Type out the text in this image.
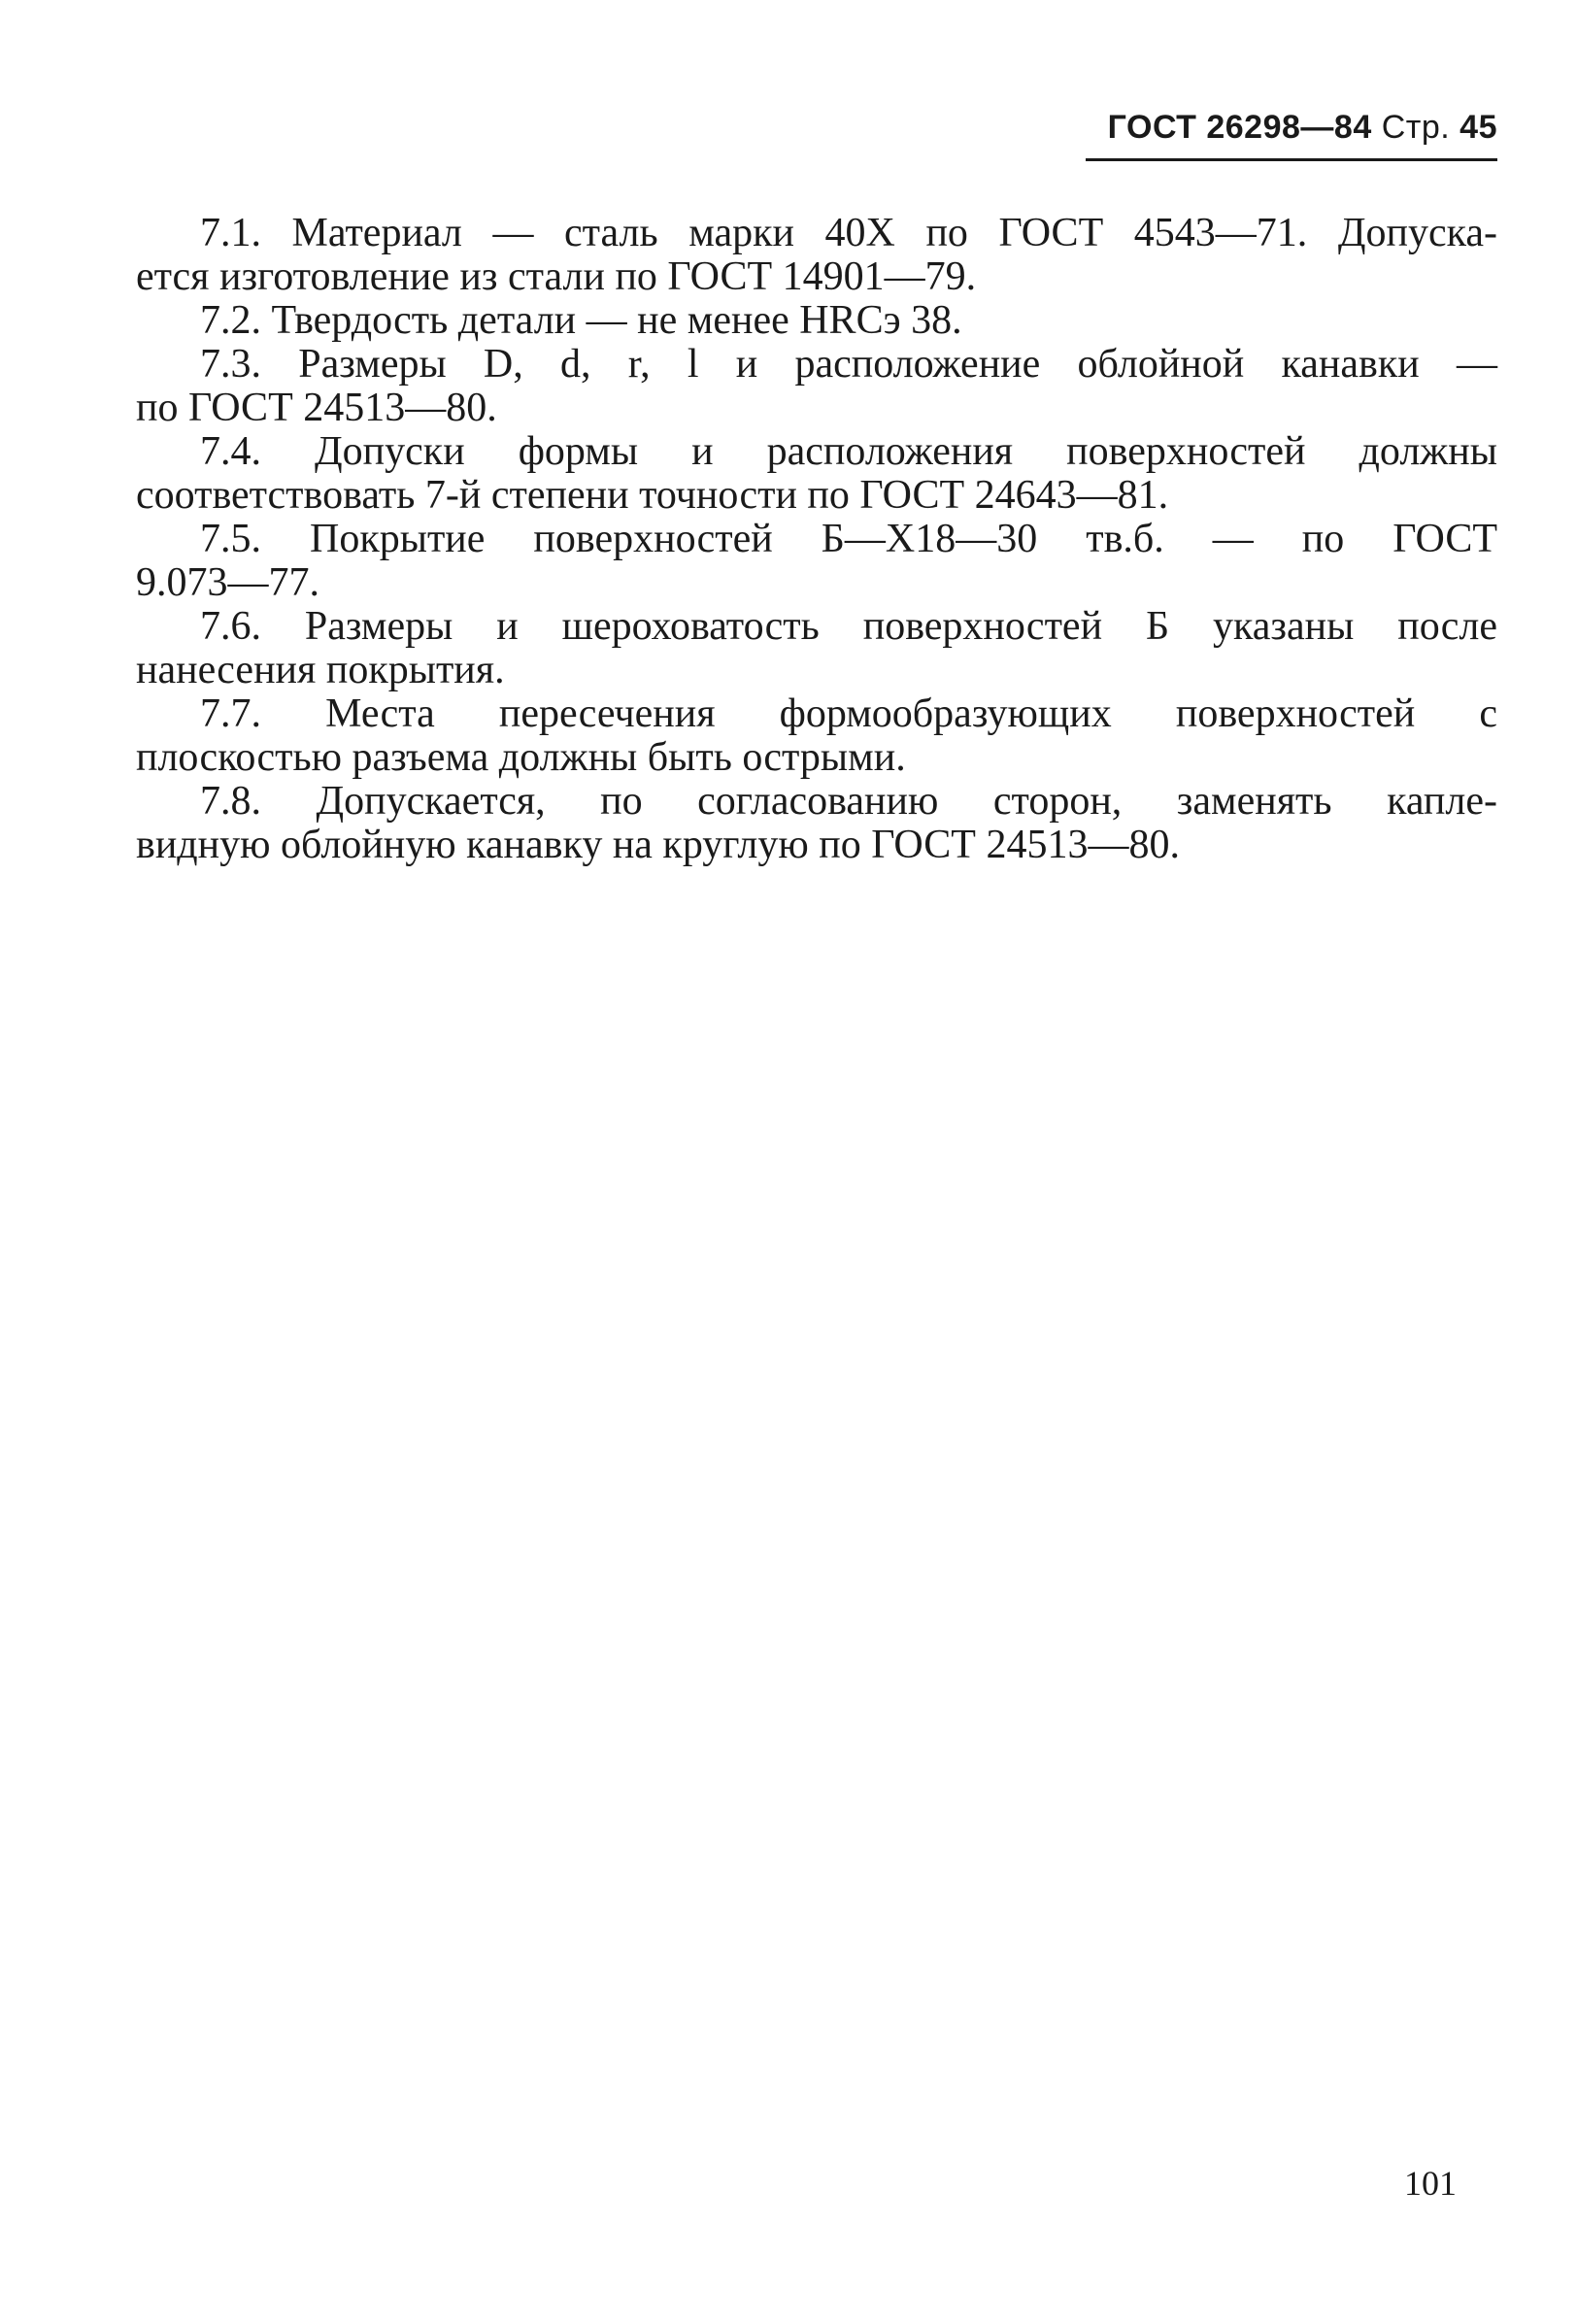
ГОСТ 26298—84 Стр. 45

7.1. Материал — сталь марки 40Х по ГОСТ 4543—71. Допуска-
ется изготовление из стали по ГОСТ 14901—79.

7.2. Твердость детали — не менее HRCэ 38.

7.3. Размеры D, d, r, l и расположение облойной канавки —
по ГОСТ 24513—80.

7.4. Допуски формы и расположения поверхностей должны
соответствовать 7-й степени точности по ГОСТ 24643—81.

7.5. Покрытие поверхностей Б—Х18—30 тв.б. — по ГОСТ
9.073—77.

7.6. Размеры и шероховатость поверхностей Б указаны после
нанесения покрытия.

7.7. Места пересечения формообразующих поверхностей с
плоскостью разъема должны быть острыми.

7.8. Допускается, по согласованию сторон, заменять капле-
видную облойную канавку на круглую по ГОСТ 24513—80.

101
